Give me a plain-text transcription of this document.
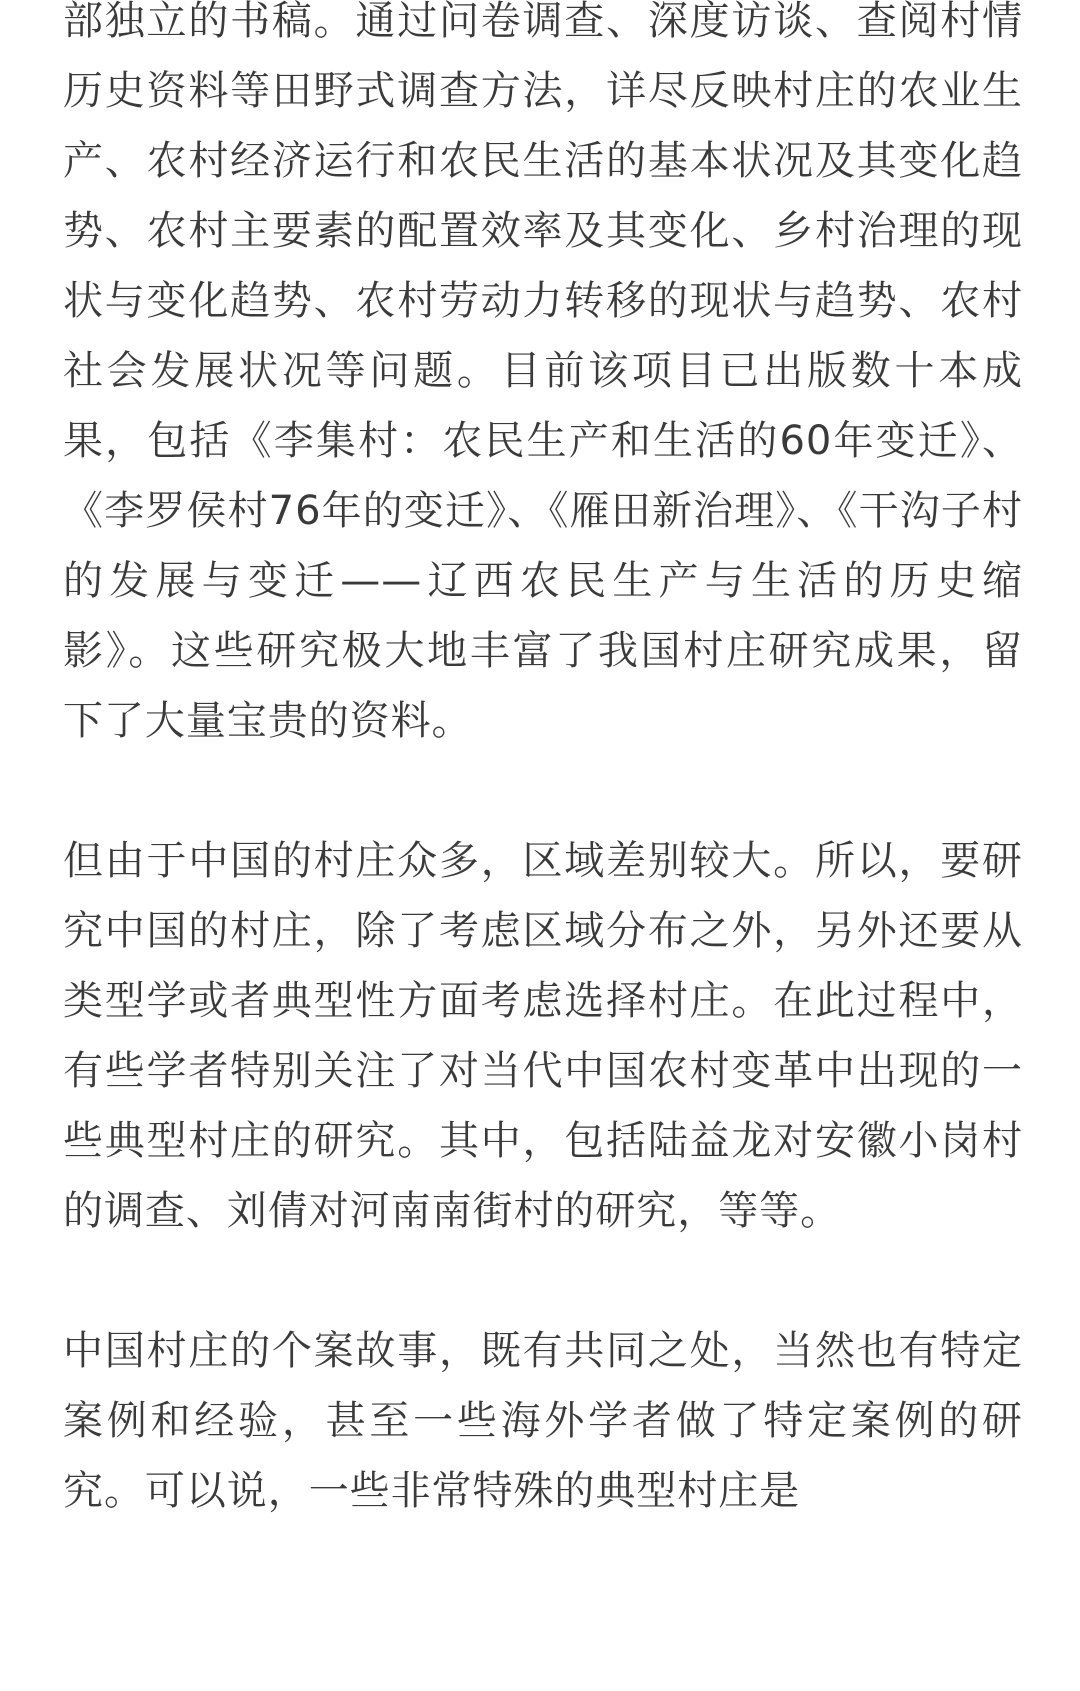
部独立的书稿。通过问卷调查、深度访谈、查阅村情历史资料等田野式调查方法，详尽反映村庄的农业生产、农村经济运行和农民生活的基本状况及其变化趋势、农村主要素的配置效率及其变化、乡村治理的现状与变化趋势、农村劳动力转移的现状与趋势、农村社会发展状况等问题。目前该项目已出版数十本成果，包括《李集村：农民生产和生活的60年变迁》、《李罗侯村76年的变迁》、《雁田新治理》、《干沟子村的发展与变迁——辽西农民生产与生活的历史缩影》。这些研究极大地丰富了我国村庄研究成果，留下了大量宝贵的资料。

但由于中国的村庄众多，区域差别较大。所以，要研究中国的村庄，除了考虑区域分布之外，另外还要从类型学或者典型性方面考虑选择村庄。在此过程中，有些学者特别关注了对当代中国农村变革中出现的一些典型村庄的研究。其中，包括陆益龙对安徽小岗村的调查、刘倩对河南南街村的研究，等等。

中国村庄的个案故事，既有共同之处，当然也有特定案例和经验，甚至一些海外学者做了特定案例的研究。可以说，一些非常特殊的典型村庄是
